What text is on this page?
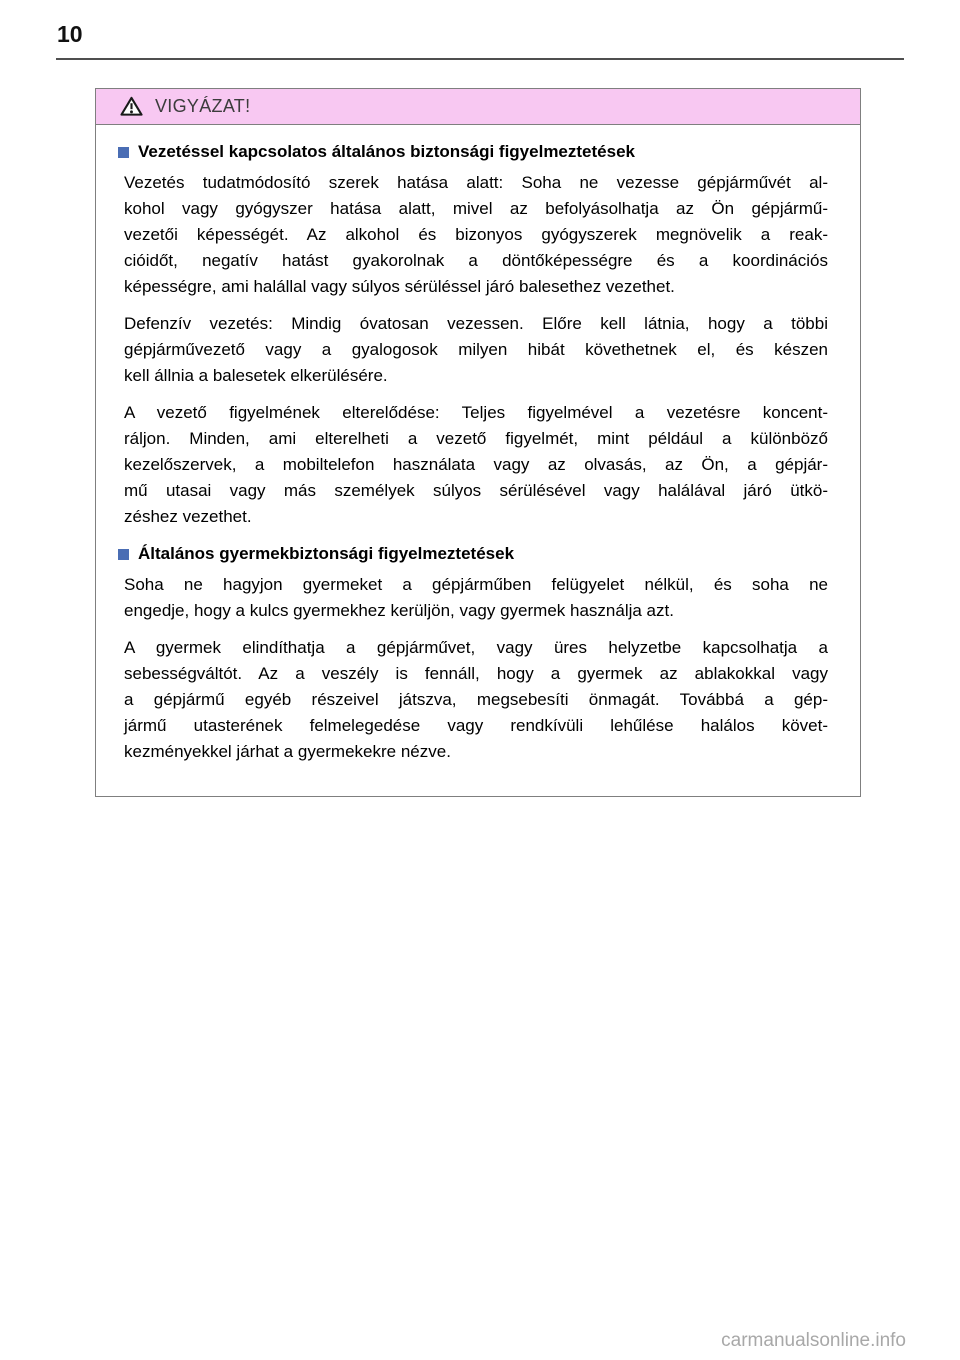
10
VIGYÁZAT!
Vezetéssel kapcsolatos általános biztonsági figyelmeztetések
Vezetés tudatmódosító szerek hatása alatt: Soha ne vezesse gépjárművét al-
kohol vagy gyógyszer hatása alatt, mivel az befolyásolhatja az Ön gépjármű-
vezetői képességét. Az alkohol és bizonyos gyógyszerek megnövelik a reak-
cióidőt, negatív hatást gyakorolnak a döntőképességre és a koordinációs
képességre, ami halállal vagy súlyos sérüléssel járó balesethez vezethet.
Defenzív vezetés: Mindig óvatosan vezessen. Előre kell látnia, hogy a többi
gépjárművezető vagy a gyalogosok milyen hibát követhetnek el, és készen
kell állnia a balesetek elkerülésére.
A vezető figyelmének elterelődése: Teljes figyelmével a vezetésre koncent-
ráljon. Minden, ami elterelheti a vezető figyelmét, mint például a különböző
kezelőszervek, a mobiltelefon használata vagy az olvasás, az Ön, a gépjár-
mű utasai vagy más személyek súlyos sérülésével vagy halálával járó ütkö-
zéshez vezethet.
Általános gyermekbiztonsági figyelmeztetések
Soha ne hagyjon gyermeket a gépjárműben felügyelet nélkül, és soha ne
engedje, hogy a kulcs gyermekhez kerüljön, vagy gyermek használja azt.
A gyermek elindíthatja a gépjárművet, vagy üres helyzetbe kapcsolhatja a
sebességváltót. Az a veszély is fennáll, hogy a gyermek az ablakokkal vagy
a gépjármű egyéb részeivel játszva, megsebesíti önmagát. Továbbá a gép-
jármű utasterének felmelegedése vagy rendkívüli lehűlése halálos követ-
kezményekkel járhat a gyermekekre nézve.
carmanualsonline.info
